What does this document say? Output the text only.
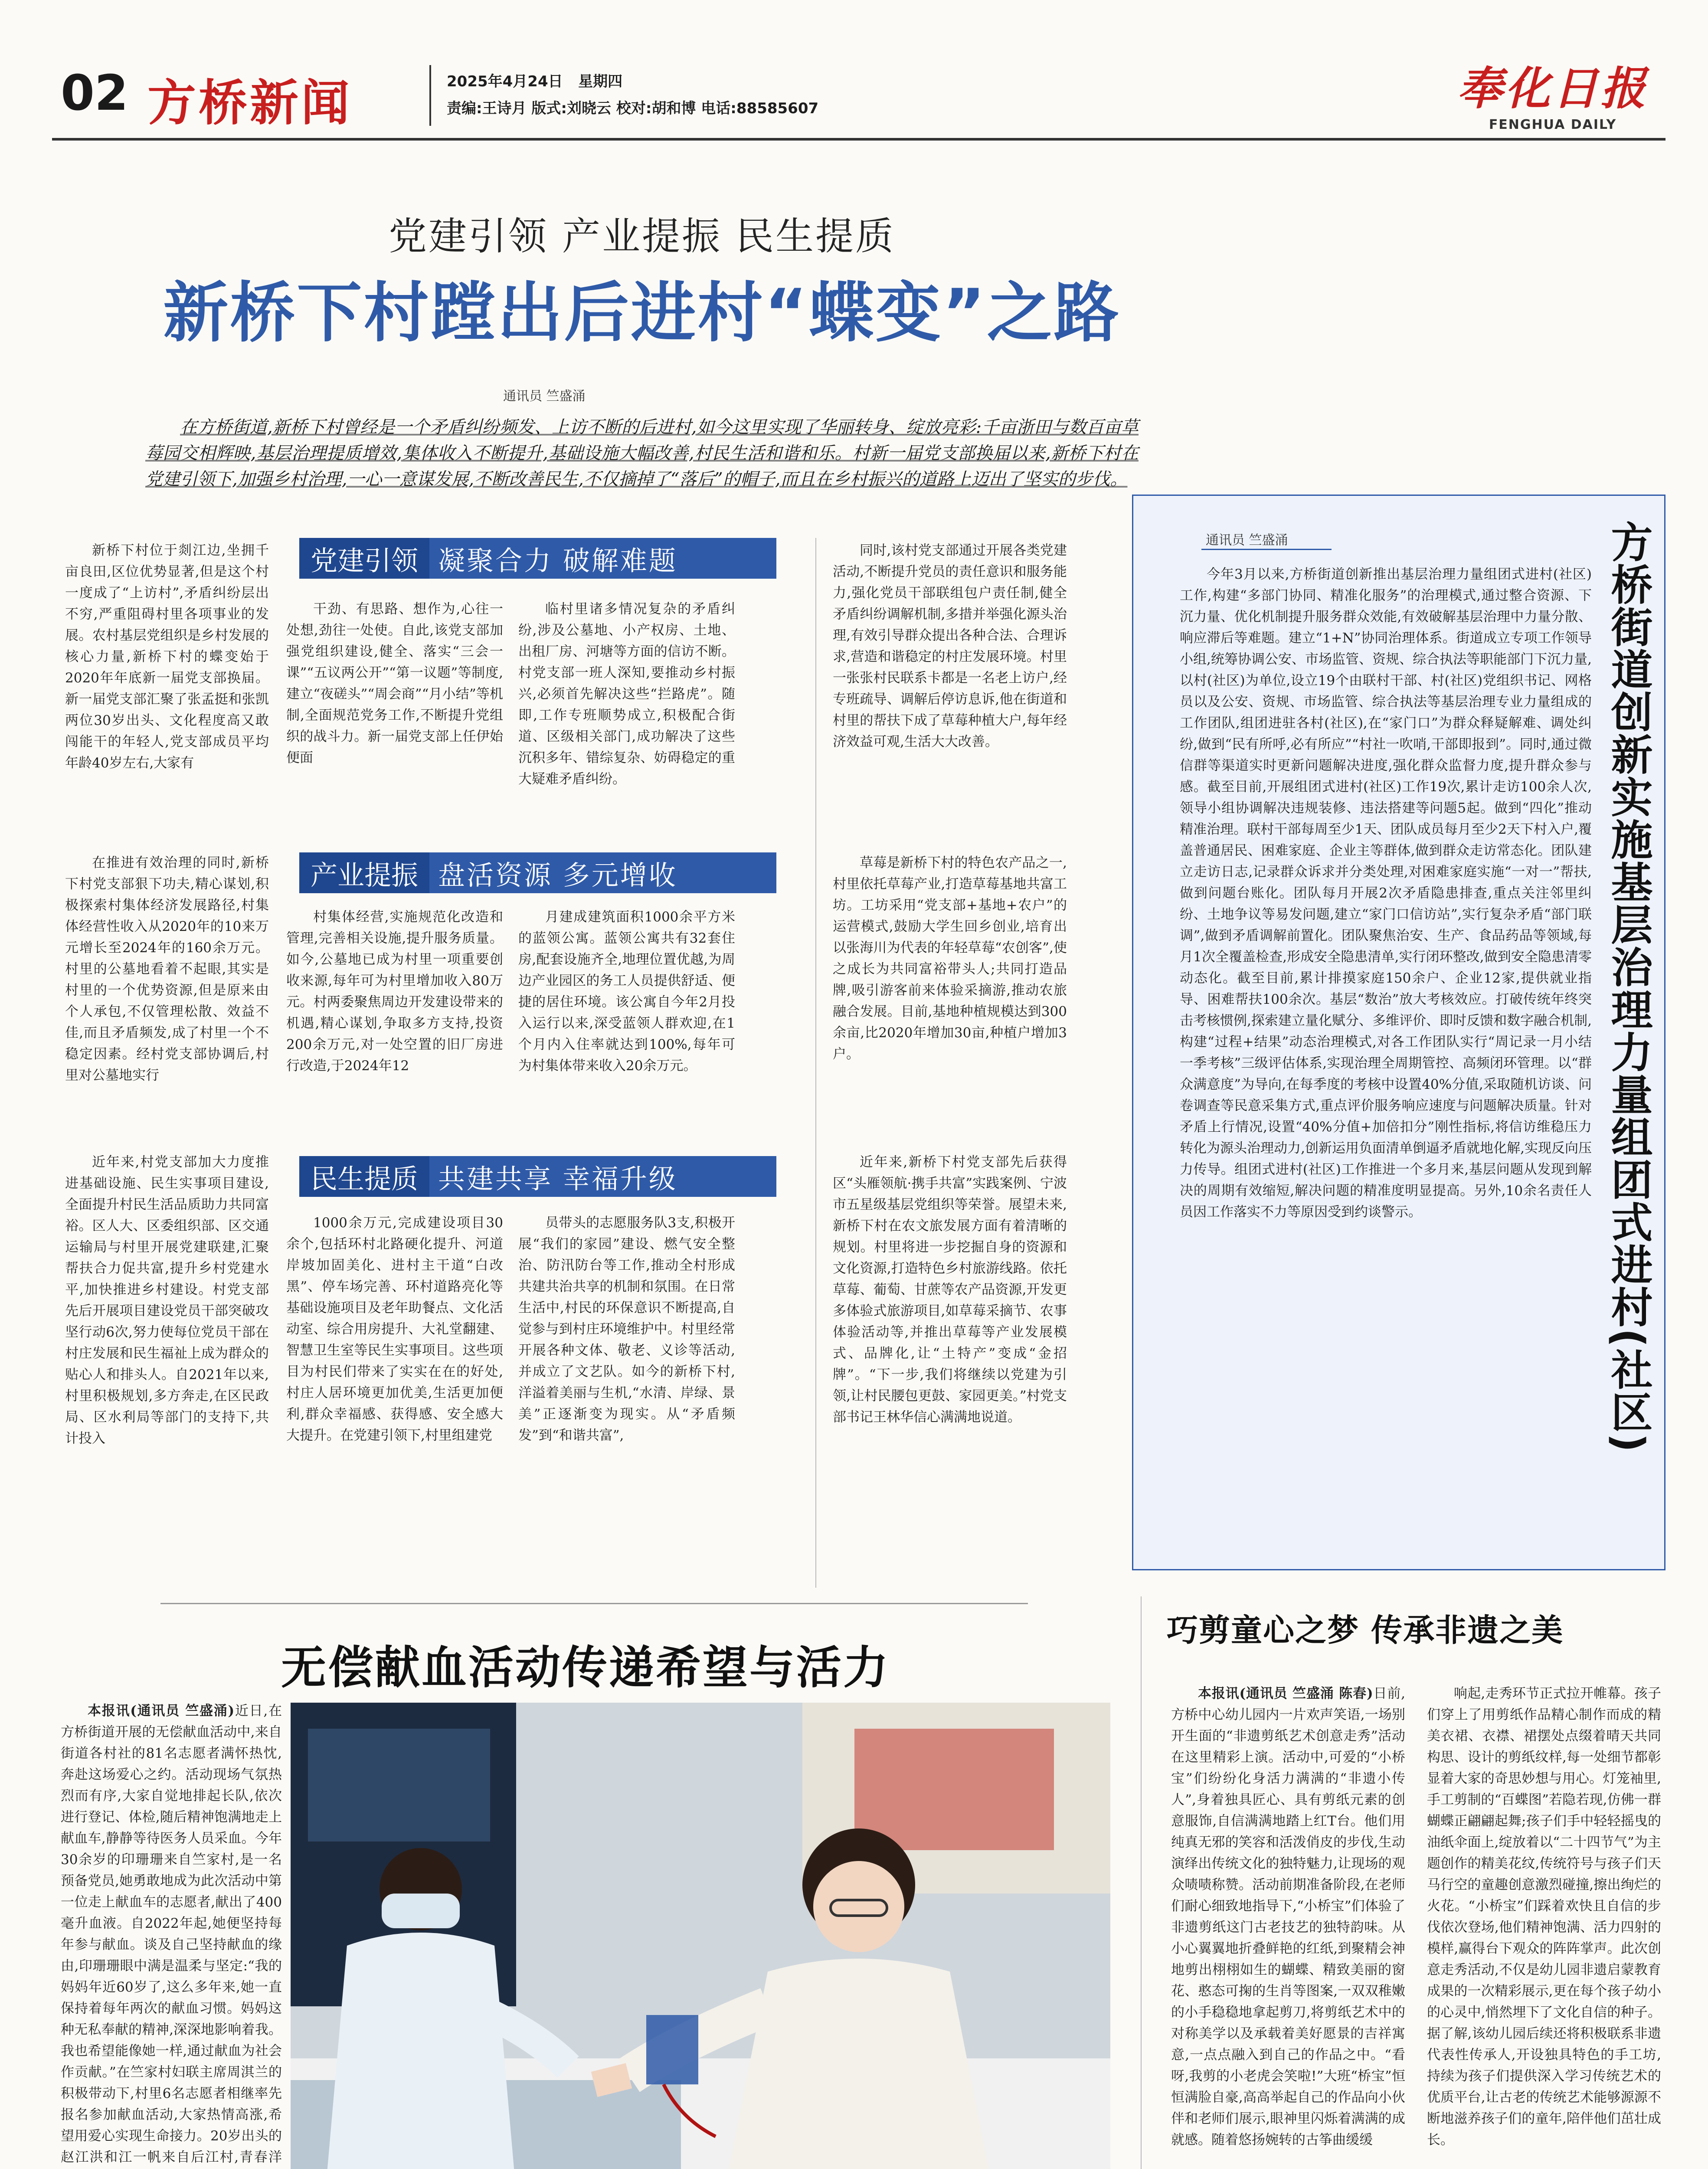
02 方桥新闻	2025年4月24日 星期四
责编:王诗月 版式:刘晓云 校对:胡和博 电话:88585607	奉化日报
FENGHUA DAILY
党建引领 产业提振 民生提质
新桥下村蹚出后进村“蝶变”之路
通讯员 竺盛涌
在方桥街道,新桥下村曾经是一个矛盾纠纷频发、上访不断的后进村,如今这里实现了华丽转身、绽放亮彩:千亩浙田与数百亩草莓园交相辉映,基层治理提质增效,集体收入不断提升,基础设施大幅改善,村民生活和谐和乐。村新一届党支部换届以来,新桥下村在党建引领下,加强乡村治理,一心一意谋发展,不断改善民生,不仅摘掉了“落后”的帽子,而且在乡村振兴的道路上迈出了坚实的步伐。
党建引领 凝聚合力 破解难题
新桥下村位于剡江边,坐拥千亩良田,区位优势显著,但是这个村一度成了“上访村”,矛盾纠纷层出不穷,严重阻碍村里各项事业的发展。农村基层党组织是乡村发展的核心力量,新桥下村的蝶变始于2020年年底新一届党支部换届。新一届党支部汇聚了张孟挺和张凯两位30岁出头、文化程度高又敢闯能干的年轻人,党支部成员平均年龄40岁左右,大家有
干劲、有思路、想作为,心往一处想,劲往一处使。自此,该党支部加强党组织建设,健全、落实“三会一课”“五议两公开”“第一议题”等制度,建立“夜磋头”“周会商”“月小结”等机制,全面规范党务工作,不断提升党组织的战斗力。新一届党支部上任伊始便面
临村里诸多情况复杂的矛盾纠纷,涉及公墓地、小产权房、土地、出租厂房、河塘等方面的信访不断。村党支部一班人深知,要推动乡村振兴,必须首先解决这些“拦路虎”。随即,工作专班顺势成立,积极配合街道、区级相关部门,成功解决了这些沉积多年、错综复杂、妨碍稳定的重大疑难矛盾纠纷。
同时,该村党支部通过开展各类党建活动,不断提升党员的责任意识和服务能力,强化党员干部联组包户责任制,健全矛盾纠纷调解机制,多措并举强化源头治理,有效引导群众提出各种合法、合理诉求,营造和谐稳定的村庄发展环境。村里一张张村民联系卡都是一名老上访户,经专班疏导、调解后停访息诉,他在街道和村里的帮扶下成了草莓种植大户,每年经济效益可观,生活大大改善。
产业提振 盘活资源 多元增收
在推进有效治理的同时,新桥下村党支部狠下功夫,精心谋划,积极探索村集体经济发展路径,村集体经营性收入从2020年的10来万元增长至2024年的160余万元。村里的公墓地看着不起眼,其实是村里的一个优势资源,但是原来由个人承包,不仅管理松散、效益不佳,而且矛盾频发,成了村里一个不稳定因素。经村党支部协调后,村里对公墓地实行
村集体经营,实施规范化改造和管理,完善相关设施,提升服务质量。如今,公墓地已成为村里一项重要创收来源,每年可为村里增加收入80万元。村两委聚焦周边开发建设带来的机遇,精心谋划,争取多方支持,投资200余万元,对一处空置的旧厂房进行改造,于2024年12
月建成建筑面积1000余平方米的蓝领公寓。蓝领公寓共有32套住房,配套设施齐全,地理位置优越,为周边产业园区的务工人员提供舒适、便捷的居住环境。该公寓自今年2月投入运行以来,深受蓝领人群欢迎,在1个月内入住率就达到100%,每年可为村集体带来收入20余万元。
草莓是新桥下村的特色农产品之一,村里依托草莓产业,打造草莓基地共富工坊。工坊采用“党支部+基地+农户”的运营模式,鼓励大学生回乡创业,培育出以张海川为代表的年轻草莓“农创客”,使之成长为共同富裕带头人;共同打造品牌,吸引游客前来体验采摘游,推动农旅融合发展。目前,基地种植规模达到300余亩,比2020年增加30亩,种植户增加3户。
民生提质 共建共享 幸福升级
近年来,村党支部加大力度推进基础设施、民生实事项目建设,全面提升村民生活品质助力共同富裕。区人大、区委组织部、区交通运输局与村里开展党建联建,汇聚帮扶合力促共富,提升乡村党建水平,加快推进乡村建设。村党支部先后开展项目建设党员干部突破攻坚行动6次,努力使每位党员干部在村庄发展和民生福祉上成为群众的贴心人和排头人。自2021年以来,村里积极规划,多方奔走,在区民政局、区水利局等部门的支持下,共计投入
1000余万元,完成建设项目30余个,包括环村北路硬化提升、河道岸坡加固美化、进村主干道“白改黑”、停车场完善、环村道路亮化等基础设施项目及老年助餐点、文化活动室、综合用房提升、大礼堂翻建、智慧卫生室等民生实事项目。这些项目为村民们带来了实实在在的好处,村庄人居环境更加优美,生活更加便利,群众幸福感、获得感、安全感大大提升。在党建引领下,村里组建党
员带头的志愿服务队3支,积极开展“我们的家园”建设、燃气安全整治、防汛防台等工作,推动全村形成共建共治共享的机制和氛围。在日常生活中,村民的环保意识不断提高,自觉参与到村庄环境维护中。村里经常开展各种文体、敬老、义诊等活动,并成立了文艺队。如今的新桥下村,洋溢着美丽与生机,“水清、岸绿、景美”正逐渐变为现实。从“矛盾频发”到“和谐共富”,
近年来,新桥下村党支部先后获得区“头雁领航·携手共富”实践案例、宁波市五星级基层党组织等荣誉。展望未来,新桥下村在农文旅发展方面有着清晰的规划。村里将进一步挖掘自身的资源和文化资源,打造特色乡村旅游线路。依托草莓、葡萄、甘蔗等农产品资源,开发更多体验式旅游项目,如草莓采摘节、农事体验活动等,并推出草莓等产业发展模式、品牌化,让“土特产”变成“金招牌”。“下一步,我们将继续以党建为引领,让村民腰包更鼓、家园更美。”村党支部书记王林华信心满满地说道。	方桥街道创新实施基层治理力量组团式进村(社区)
通讯员 竺盛涌
今年3月以来,方桥街道创新推出基层治理力量组团式进村(社区)工作,构建“多部门协同、精准化服务”的治理模式,通过整合资源、下沉力量、优化机制提升服务群众效能,有效破解基层治理中力量分散、响应滞后等难题。建立“1+N”协同治理体系。街道成立专项工作领导小组,统筹协调公安、市场监管、资规、综合执法等职能部门下沉力量,以村(社区)为单位,设立19个由联村干部、村(社区)党组织书记、网格员以及公安、资规、市场监管、综合执法等基层治理专业力量组成的工作团队,组团进驻各村(社区),在“家门口”为群众释疑解难、调处纠纷,做到“民有所呼,必有所应”“村社一吹哨,干部即报到”。同时,通过微信群等渠道实时更新问题解决进度,强化群众监督力度,提升群众参与感。截至目前,开展组团式进村(社区)工作19次,累计走访100余人次,领导小组协调解决违规装修、违法搭建等问题5起。做到“四化”推动精准治理。联村干部每周至少1天、团队成员每月至少2天下村入户,覆盖普通居民、困难家庭、企业主等群体,做到群众走访常态化。团队建立走访日志,记录群众诉求并分类处理,对困难家庭实施“一对一”帮扶,做到问题台账化。团队每月开展2次矛盾隐患排查,重点关注邻里纠纷、土地争议等易发问题,建立“家门口信访站”,实行复杂矛盾“部门联调”,做到矛盾调解前置化。团队聚焦治安、生产、食品药品等领域,每月1次全覆盖检查,形成安全隐患清单,实行闭环整改,做到安全隐患清零动态化。截至目前,累计排摸家庭150余户、企业12家,提供就业指导、困难帮扶100余次。基层“数治”放大考核效应。打破传统年终突击考核惯例,探索建立量化赋分、多维评价、即时反馈和数字融合机制,构建“过程+结果”动态治理模式,对各工作团队实行“周记录一月小结一季考核”三级评估体系,实现治理全周期管控、高频闭环管理。以“群众满意度”为导向,在每季度的考核中设置40%分值,采取随机访谈、问卷调查等民意采集方式,重点评价服务响应速度与问题解决质量。针对矛盾上行情况,设置“40%分值+加倍扣分”刚性指标,将信访维稳压力转化为源头治理动力,创新运用负面清单倒逼矛盾就地化解,实现反向压力传导。组团式进村(社区)工作推进一个多月来,基层问题从发现到解决的周期有效缩短,解决问题的精准度明显提高。另外,10余名责任人员因工作落实不力等原因受到约谈警示。
巧剪童心之梦 传承非遗之美
本报讯(通讯员 竺盛涌 陈春)日前,方桥中心幼儿园内一片欢声笑语,一场别开生面的“非遗剪纸艺术创意走秀”活动在这里精彩上演。活动中,可爱的“小桥宝”们纷纷化身活力满满的“非遗小传人”,身着独具匠心、具有剪纸元素的创意服饰,自信满满地踏上红T台。他们用纯真无邪的笑容和活泼俏皮的步伐,生动演绎出传统文化的独特魅力,让现场的观众啧啧称赞。活动前期准备阶段,在老师们耐心细致地指导下,“小桥宝”们体验了非遗剪纸这门古老技艺的独特韵味。从小心翼翼地折叠鲜艳的红纸,到聚精会神地剪出栩栩如生的蝴蝶、精致美丽的窗花、憨态可掬的生肖等图案,一双双稚嫩的小手稳稳地拿起剪刀,将剪纸艺术中的对称美学以及承载着美好愿景的吉祥寓意,一点点融入到自己的作品之中。“看呀,我剪的小老虎会笑啦!”大班“桥宝”恒恒满脸自豪,高高举起自己的作品向小伙伴和老师们展示,眼神里闪烁着满满的成就感。随着悠扬婉转的古筝曲缓缓
响起,走秀环节正式拉开帷幕。孩子们穿上了用剪纸作品精心制作而成的精美衣裙、衣襟、裙摆处点缀着晴天共同构思、设计的剪纸纹样,每一处细节都彰显着大家的奇思妙想与用心。灯笼袖里,手工剪制的“百蝶图”若隐若现,仿佛一群蝴蝶正翩翩起舞;孩子们手中轻轻摇曳的油纸伞面上,绽放着以“二十四节气”为主题创作的精美花纹,传统符号与孩子们天马行空的童趣创意激烈碰撞,擦出绚烂的火花。“小桥宝”们踩着欢快且自信的步伐依次登场,他们精神饱满、活力四射的模样,赢得台下观众的阵阵掌声。此次创意走秀活动,不仅是幼儿园非遗启蒙教育成果的一次精彩展示,更在每个孩子幼小的心灵中,悄然埋下了文化自信的种子。据了解,该幼儿园后续还将积极联系非遗代表性传承人,开设独具特色的手工坊,持续为孩子们提供深入学习传统艺术的优质平台,让古老的传统艺术能够源源不断地滋养孩子们的童年,陪伴他们茁壮成长。
无偿献血活动传递希望与活力
本报讯(通讯员 竺盛涌)近日,在方桥街道开展的无偿献血活动中,来自街道各村社的81名志愿者满怀热忱,奔赴这场爱心之约。活动现场气氛热烈而有序,大家自觉地排起长队,依次进行登记、体检,随后精神饱满地走上献血车,静静等待医务人员采血。今年30余岁的印珊珊来自竺家村,是一名预备党员,她勇敢地成为此次活动中第一位走上献血车的志愿者,献出了400毫升血液。自2022年起,她便坚持每年参与献血。谈及自己坚持献血的缘由,印珊珊眼中满是温柔与坚定:“我的妈妈年近60岁了,这么多年来,她一直保持着每年两次的献血习惯。妈妈这种无私奉献的精神,深深地影响着我。我也希望能像她一样,通过献血为社会作贡献。”在竺家村妇联主席周淇兰的积极带动下,村里6名志愿者相继率先报名参加献血活动,大家热情高涨,希望用爱心实现生命接力。20岁出头的赵江洪和江一帆来自后江村,青春洋
